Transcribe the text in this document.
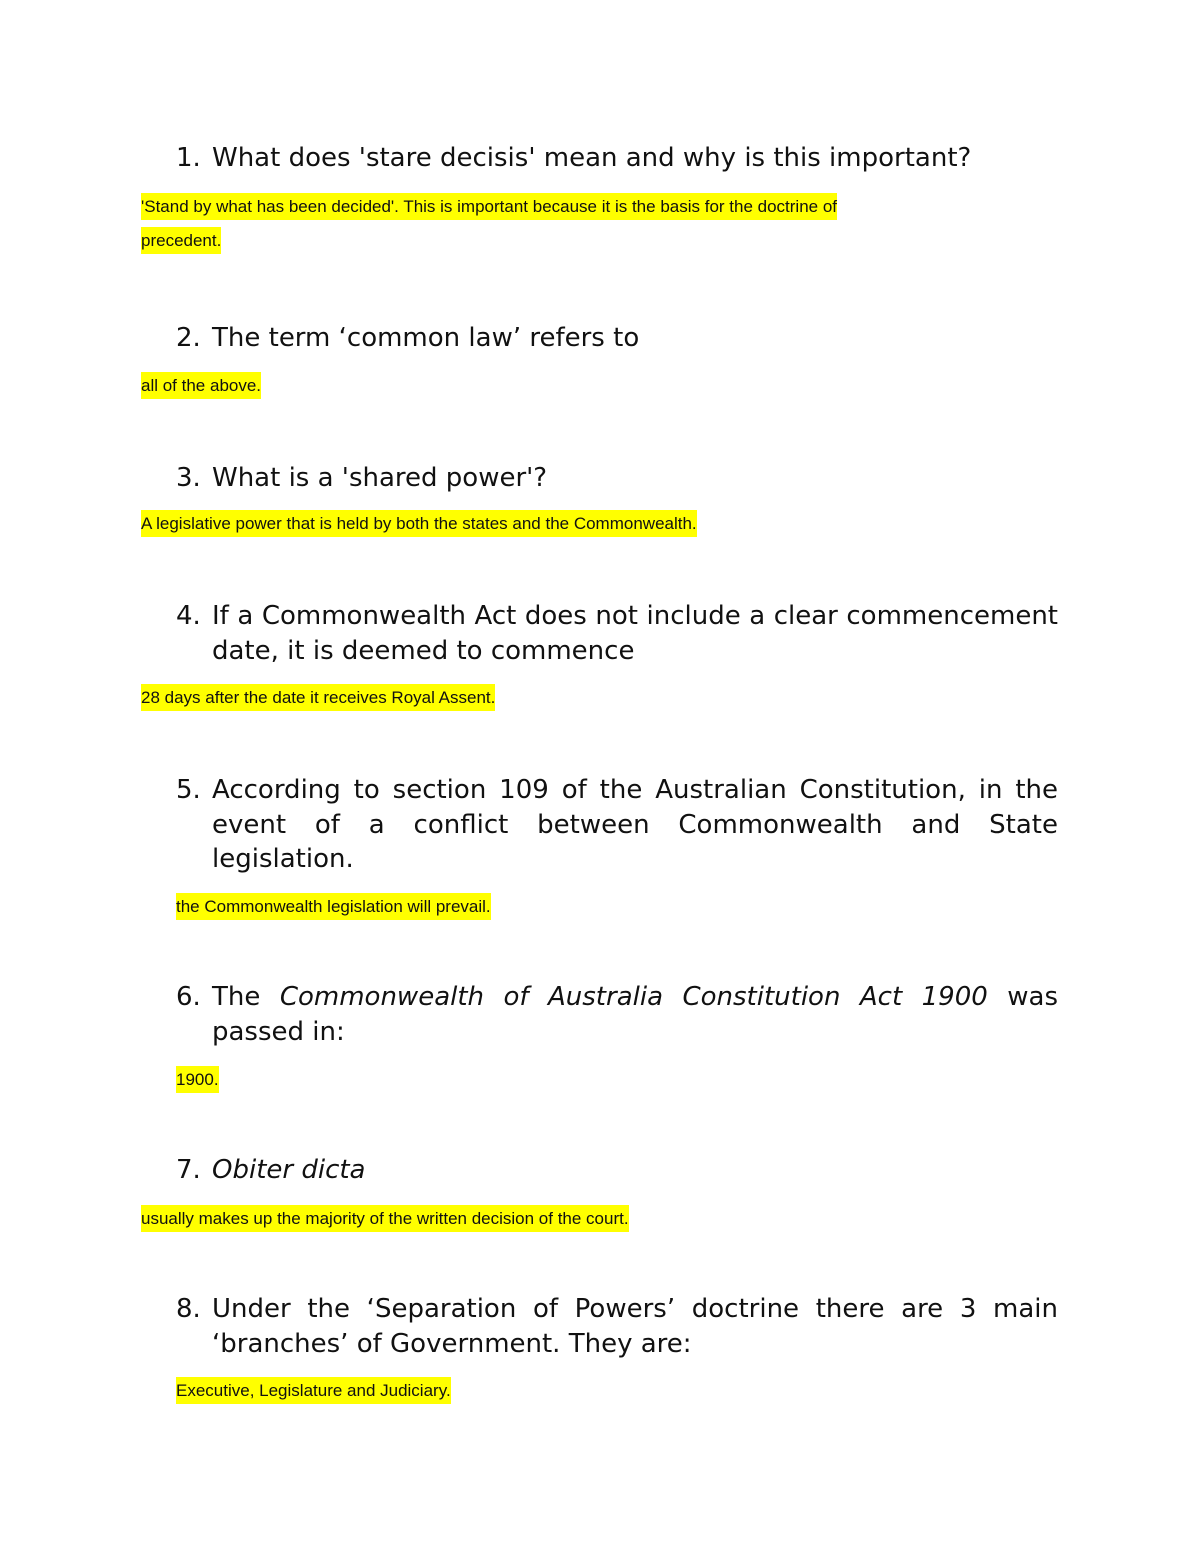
1. What does 'stare decisis' mean and why is this important?
'Stand by what has been decided'. This is important because it is the basis for the doctrine of
precedent.
2. The term ‘common law’ refers to
all of the above.
3. What is a 'shared power'?
A legislative power that is held by both the states and the Commonwealth.
4. If a Commonwealth Act does not include a clear commencement date, it is deemed to commence
28 days after the date it receives Royal Assent.
5. According to section 109 of the Australian Constitution, in the event of a conflict between Commonwealth and State legislation.
the Commonwealth legislation will prevail.
6. The Commonwealth of Australia Constitution Act 1900 was passed in:
1900.
7. Obiter dicta
usually makes up the majority of the written decision of the court.
8. Under the ‘Separation of Powers’ doctrine there are 3 main ‘branches’ of Government. They are:
Executive, Legislature and Judiciary.
